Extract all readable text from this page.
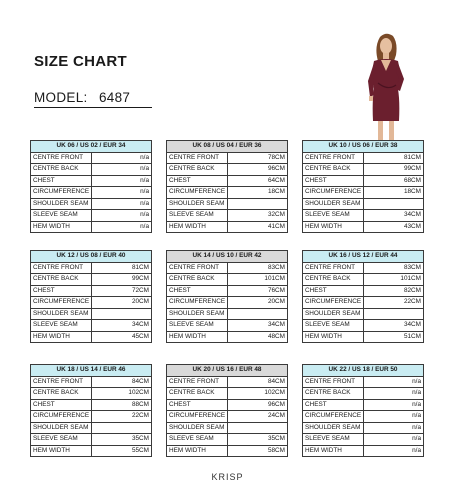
SIZE CHART
MODEL: 6487
UK 06 / US 02 / EUR 34	
CENTRE FRONT	n/a
CENTRE BACK	n/a
CHEST	n/a
CIRCUMFERENCE	n/a
SHOULDER SEAM	n/a
SLEEVE SEAM	n/a
HEM WIDTH	n/a
UK 08 / US 04 / EUR 36	
CENTRE FRONT	78CM
CENTRE BACK	96CM
CHEST	64CM
CIRCUMFERENCE	18CM
SHOULDER SEAM	
SLEEVE SEAM	32CM
HEM WIDTH	41CM
UK 10 / US 06 / EUR 38	
CENTRE FRONT	81CM
CENTRE BACK	99CM
CHEST	68CM
CIRCUMFERENCE	18CM
SHOULDER SEAM	
SLEEVE SEAM	34CM
HEM WIDTH	43CM
UK 12 / US 08 / EUR 40	
CENTRE FRONT	81CM
CENTRE BACK	99CM
CHEST	72CM
CIRCUMFERENCE	20CM
SHOULDER SEAM	
SLEEVE SEAM	34CM
HEM WIDTH	45CM
UK 14 / US 10 / EUR 42	
CENTRE FRONT	83CM
CENTRE BACK	101CM
CHEST	76CM
CIRCUMFERENCE	20CM
SHOULDER SEAM	
SLEEVE SEAM	34CM
HEM WIDTH	48CM
UK 16 / US 12 / EUR 44	
CENTRE FRONT	83CM
CENTRE BACK	101CM
CHEST	82CM
CIRCUMFERENCE	22CM
SHOULDER SEAM	
SLEEVE SEAM	34CM
HEM WIDTH	51CM
UK 18 / US 14 / EUR 46	
CENTRE FRONT	84CM
CENTRE BACK	102CM
CHEST	88CM
CIRCUMFERENCE	22CM
SHOULDER SEAM	
SLEEVE SEAM	35CM
HEM WIDTH	55CM
UK 20 / US 16 / EUR 48	
CENTRE FRONT	84CM
CENTRE BACK	102CM
CHEST	96CM
CIRCUMFERENCE	24CM
SHOULDER SEAM	
SLEEVE SEAM	35CM
HEM WIDTH	58CM
UK 22 / US 18 / EUR 50	
CENTRE FRONT	n/a
CENTRE BACK	n/a
CHEST	n/a
CIRCUMFERENCE	n/a
SHOULDER SEAM	n/a
SLEEVE SEAM	n/a
HEM WIDTH	n/a
KRISP
